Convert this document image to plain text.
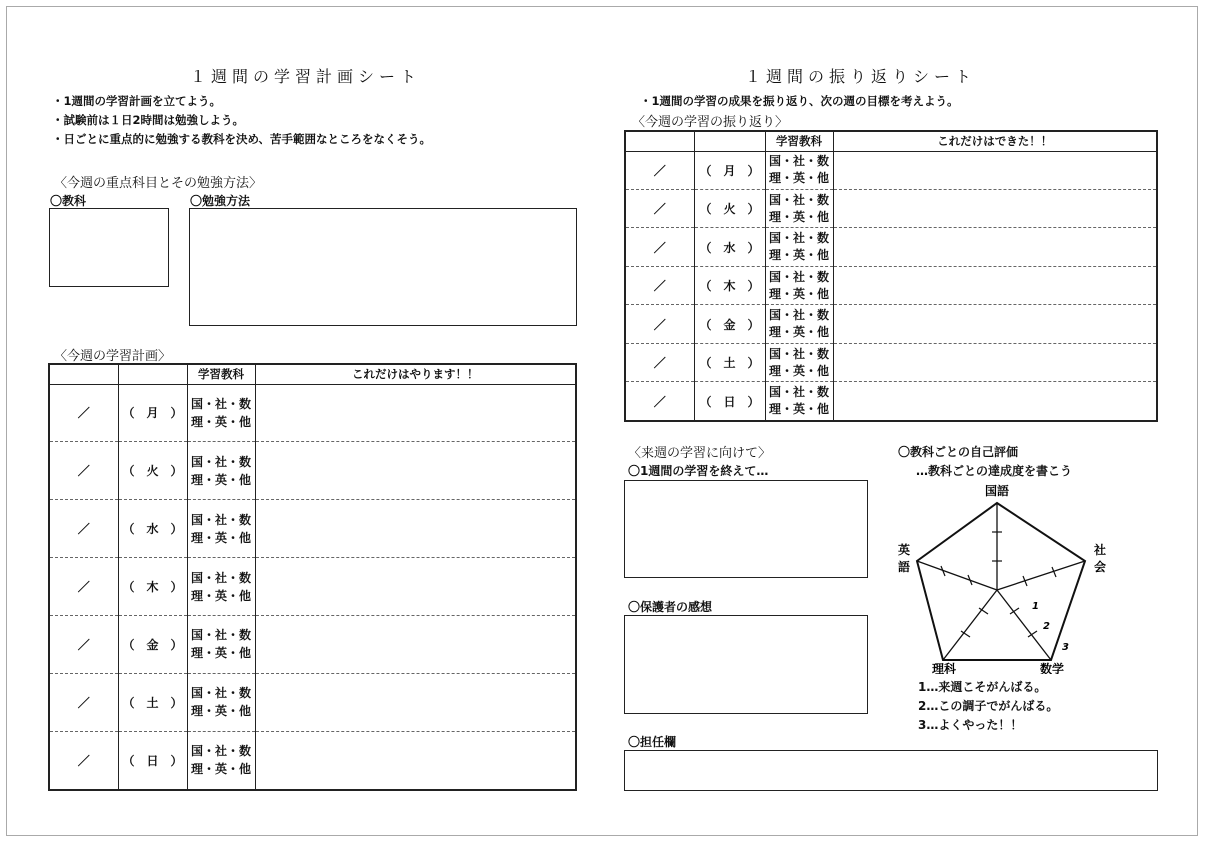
１週間の学習計画シート
・1週間の学習計画を立てよう。
・試験前は１日2時間は勉強しよう。
・日ごとに重点的に勉強する教科を決め、苦手範囲なところをなくそう。
〈今週の重点科目とその勉強方法〉
〇教科	〇勉強方法
〈今週の学習計画〉
		学習教科	これだけはやります！！
／	（　月　）	国・社・数
理・英・他	

／	（　火　）	国・社・数
理・英・他	

／	（　水　）	国・社・数
理・英・他	

／	（　木　）	国・社・数
理・英・他	

／	（　金　）	国・社・数
理・英・他	

／	（　土　）	国・社・数
理・英・他	

／	（　日　）	国・社・数
理・英・他	

１週間の振り返りシート
・1週間の学習の成果を振り返り、次の週の目標を考えよう。
〈今週の学習の振り返り〉
		学習教科	これだけはできた！！
／	（　月　）	国・社・数
理・英・他	

／	（　火　）	国・社・数
理・英・他	

／	（　水　）	国・社・数
理・英・他	

／	（　木　）	国・社・数
理・英・他	

／	（　金　）	国・社・数
理・英・他	

／	（　土　）	国・社・数
理・英・他	

／	（　日　）	国・社・数
理・英・他	

〈来週の学習に向けて〉
〇1週間の学習を終えて…
〇保護者の感想
〇担任欄
〇教科ごとの自己評価
…教科ごとの達成度を書こう
国語
社
会
数学
理科
英
語
1
2
3
1…来週こそがんばる。
2…この調子でがんばる。
3…よくやった！！
